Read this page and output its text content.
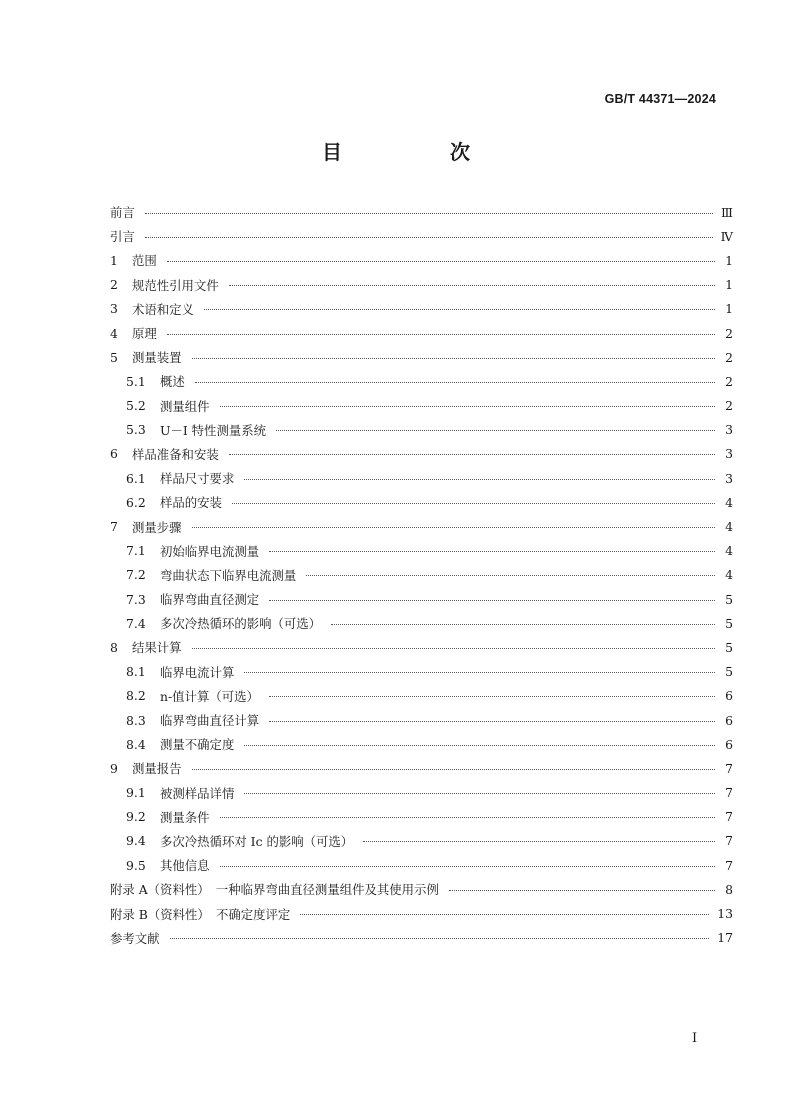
GB/T 44371—2024
目　次
前言	Ⅲ
引言	Ⅳ
1	范围	1
2	规范性引用文件	1
3	术语和定义	1
4	原理	2
5	测量装置	2
5.1	概述	2
5.2	测量组件	2
5.3	U－I 特性测量系统	3
6	样品准备和安装	3
6.1	样品尺寸要求	3
6.2	样品的安装	4
7	测量步骤	4
7.1	初始临界电流测量	4
7.2	弯曲状态下临界电流测量	4
7.3	临界弯曲直径测定	5
7.4	多次冷热循环的影响（可选）	5
8	结果计算	5
8.1	临界电流计算	5
8.2	n-值计算（可选）	6
8.3	临界弯曲直径计算	6
8.4	测量不确定度	6
9	测量报告	7
9.1	被测样品详情	7
9.2	测量条件	7
9.4	多次冷热循环对 Ic 的影响（可选）	7
9.5	其他信息	7
附录 A（资料性）　一种临界弯曲直径测量组件及其使用示例	8
附录 B（资料性）　不确定度评定	13
参考文献	17
Ⅰ
